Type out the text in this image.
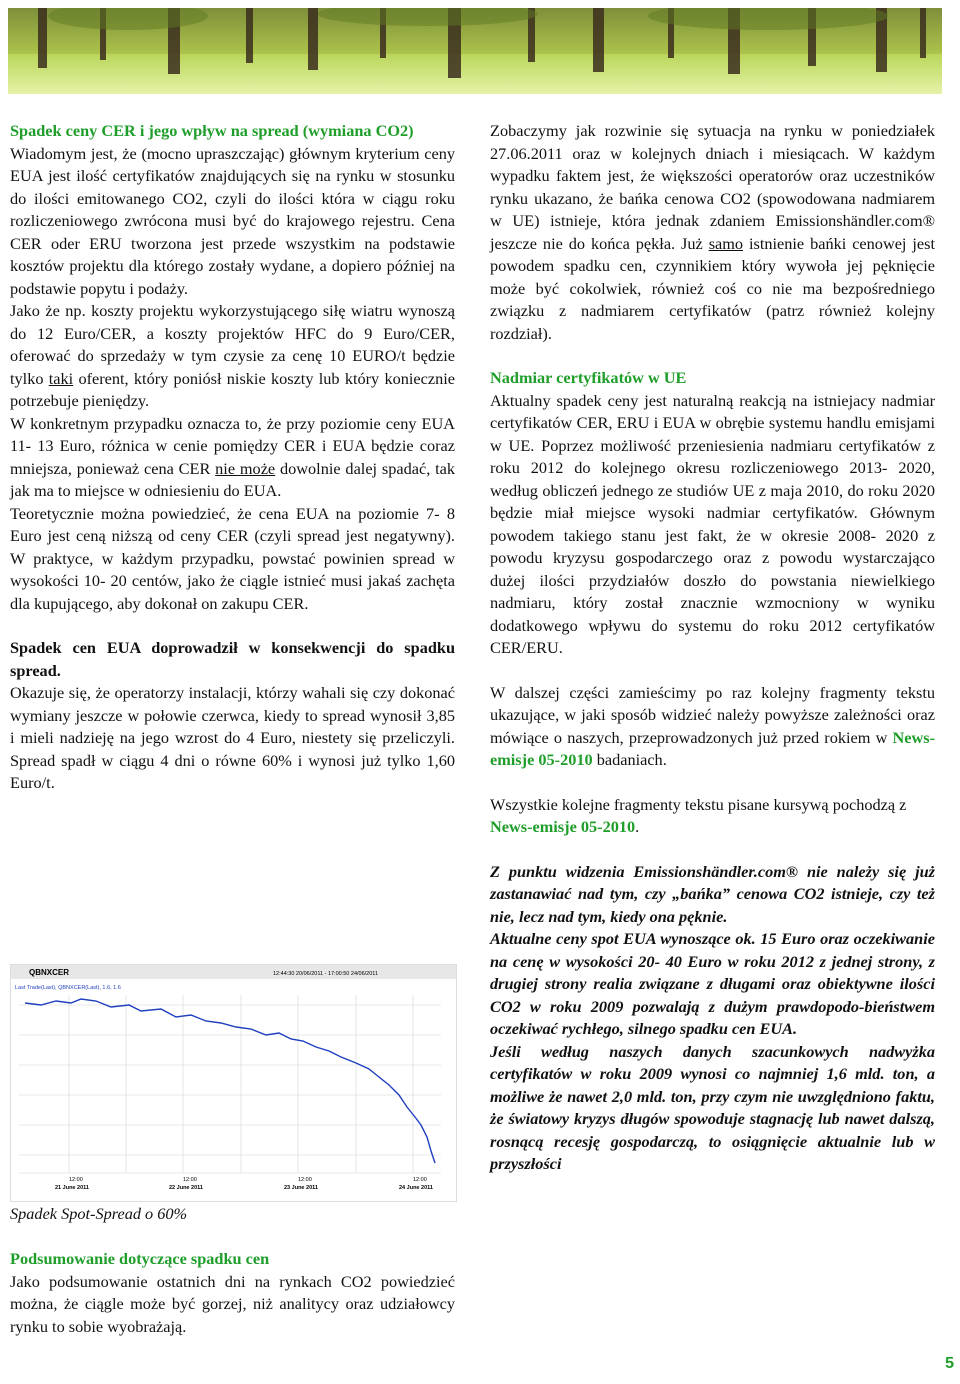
Spadek ceny CER i jego wpływ na spread (wymiana CO2)

Wiadomym jest, że (mocno upraszczając) głównym kryterium ceny EUA jest ilość certyfikatów znajdujących się na rynku w stosunku do ilości emitowanego CO2, czyli do ilości która w ciągu roku rozliczeniowego zwrócona musi być do krajowego rejestru. Cena CER oder ERU tworzona jest przede wszystkim na podstawie kosztów projektu dla którego zostały wydane, a dopiero później na podstawie popytu i podaży.

Jako że np. koszty projektu wykorzystującego siłę wiatru wynoszą do 12 Euro/CER, a koszty projektów HFC do 9 Euro/CER, oferować do sprzedaży w tym czysie za cenę 10 EURO/t będzie tylko taki oferent, który poniósł niskie koszty lub który koniecznie potrzebuje pieniędzy.

W konkretnym przypadku oznacza to, że przy poziomie ceny EUA 11- 13 Euro, różnica w cenie pomiędzy CER i EUA będzie coraz mniejsza, ponieważ cena CER nie może dowolnie dalej spadać, tak jak ma to miejsce w odniesieniu do EUA.

Teoretycznie można powiedzieć, że cena EUA na poziomie 7- 8 Euro jest ceną niższą od ceny CER (czyli spread jest negatywny). W praktyce, w każdym przypadku, powstać powinien spread w wysokości 10- 20 centów, jako że ciągle istnieć musi jakaś zachęta dla kupującego, aby dokonał on zakupu CER.

Spadek cen EUA doprowadził w konsekwencji do spadku spread.

Okazuje się, że operatorzy instalacji, którzy wahali się czy dokonać wymiany jeszcze w połowie czerwca, kiedy to spread wynosił 3,85 i mieli nadzieję na jego wzrost do 4 Euro, niestety się przeliczyli. Spread spadł w ciągu 4 dni o równe 60% i wynosi już tylko 1,60 Euro/t.

QBNXCER	12:44:30 20/06/2011 - 17:00:50 24/06/2011
Last Trade(Last), QBNXCER(Last), 1.6, 1.6
12:00
21 June 2011
12:00
22 June 2011
12:00
23 June 2011
12:00
24 June 2011
Spadek Spot-Spread o 60%

Podsumowanie dotyczące spadku cen

Jako podsumowanie ostatnich dni na rynkach CO2 powiedzieć można, że ciągle może być gorzej, niż analitycy oraz udziałowcy rynku to sobie wyobrażają.

Zobaczymy jak rozwinie się sytuacja na rynku w poniedziałek 27.06.2011 oraz w kolejnych dniach i miesiącach. W każdym wypadku faktem jest, że większości operatorów oraz uczestników rynku ukazano, że bańka cenowa CO2 (spowodowana nadmiarem w UE) istnieje, która jednak zdaniem Emissionshändler.com® jeszcze nie do końca pękła. Już samo istnienie bańki cenowej jest powodem spadku cen, czynnikiem który wywoła jej pęknięcie może być cokolwiek, również coś co nie ma bezpośredniego związku z nadmiarem certyfikatów (patrz również kolejny rozdział).

Nadmiar certyfikatów w UE

Aktualny spadek ceny jest naturalną reakcją na istniejacy nadmiar certyfikatów CER, ERU i EUA w obrębie systemu handlu emisjami w UE. Poprzez możliwość przeniesienia nadmiaru certyfikatów z roku 2012 do kolejnego okresu rozliczeniowego 2013- 2020, według obliczeń jednego ze studiów UE z maja 2010, do roku 2020 będzie miał miejsce wysoki nadmiar certyfikatów. Głównym powodem takiego stanu jest fakt, że w okresie 2008- 2020 z powodu kryzysu gospodarczego oraz z powodu wystarczająco dużej ilości przydziałów doszło do powstania niewielkiego nadmiaru, który został znacznie wzmocniony w wyniku dodatkowego wpływu do systemu do roku 2012 certyfikatów CER/ERU.

W dalszej części zamieścimy po raz kolejny fragmenty tekstu ukazujące, w jaki sposób widzieć należy powyższe zależności oraz mówiące o naszych, przeprowadzonych już przed rokiem w News-emisje 05-2010 badaniach.

Wszystkie kolejne fragmenty tekstu pisane kursywą pochodzą z News-emisje 05-2010.

Z punktu widzenia Emissionshändler.com® nie należy się już zastanawiać nad tym, czy „bańka” cenowa CO2 istnieje, czy też nie, lecz nad tym, kiedy ona pęknie.

Aktualne ceny spot EUA wynoszące ok. 15 Euro oraz oczekiwanie na cenę w wysokości 20- 40 Euro w roku 2012 z jednej strony, z drugiej strony realia związane z długami oraz obiektywne ilości CO2 w roku 2009 pozwalają z dużym prawdopodo-bieństwem oczekiwać rychłego, silnego spadku cen EUA.

Jeśli według naszych danych szacunkowych nadwyżka certyfikatów w roku 2009 wynosi co najmniej 1,6 mld. ton, a możliwe że nawet 2,0 mld. ton, przy czym nie uwzględniono faktu, że światowy kryzys długów spowoduje stagnację lub nawet dalszą, rosnącą recesję gospodarczą, to osiągnięcie aktualnie lub w przyszłości

5
